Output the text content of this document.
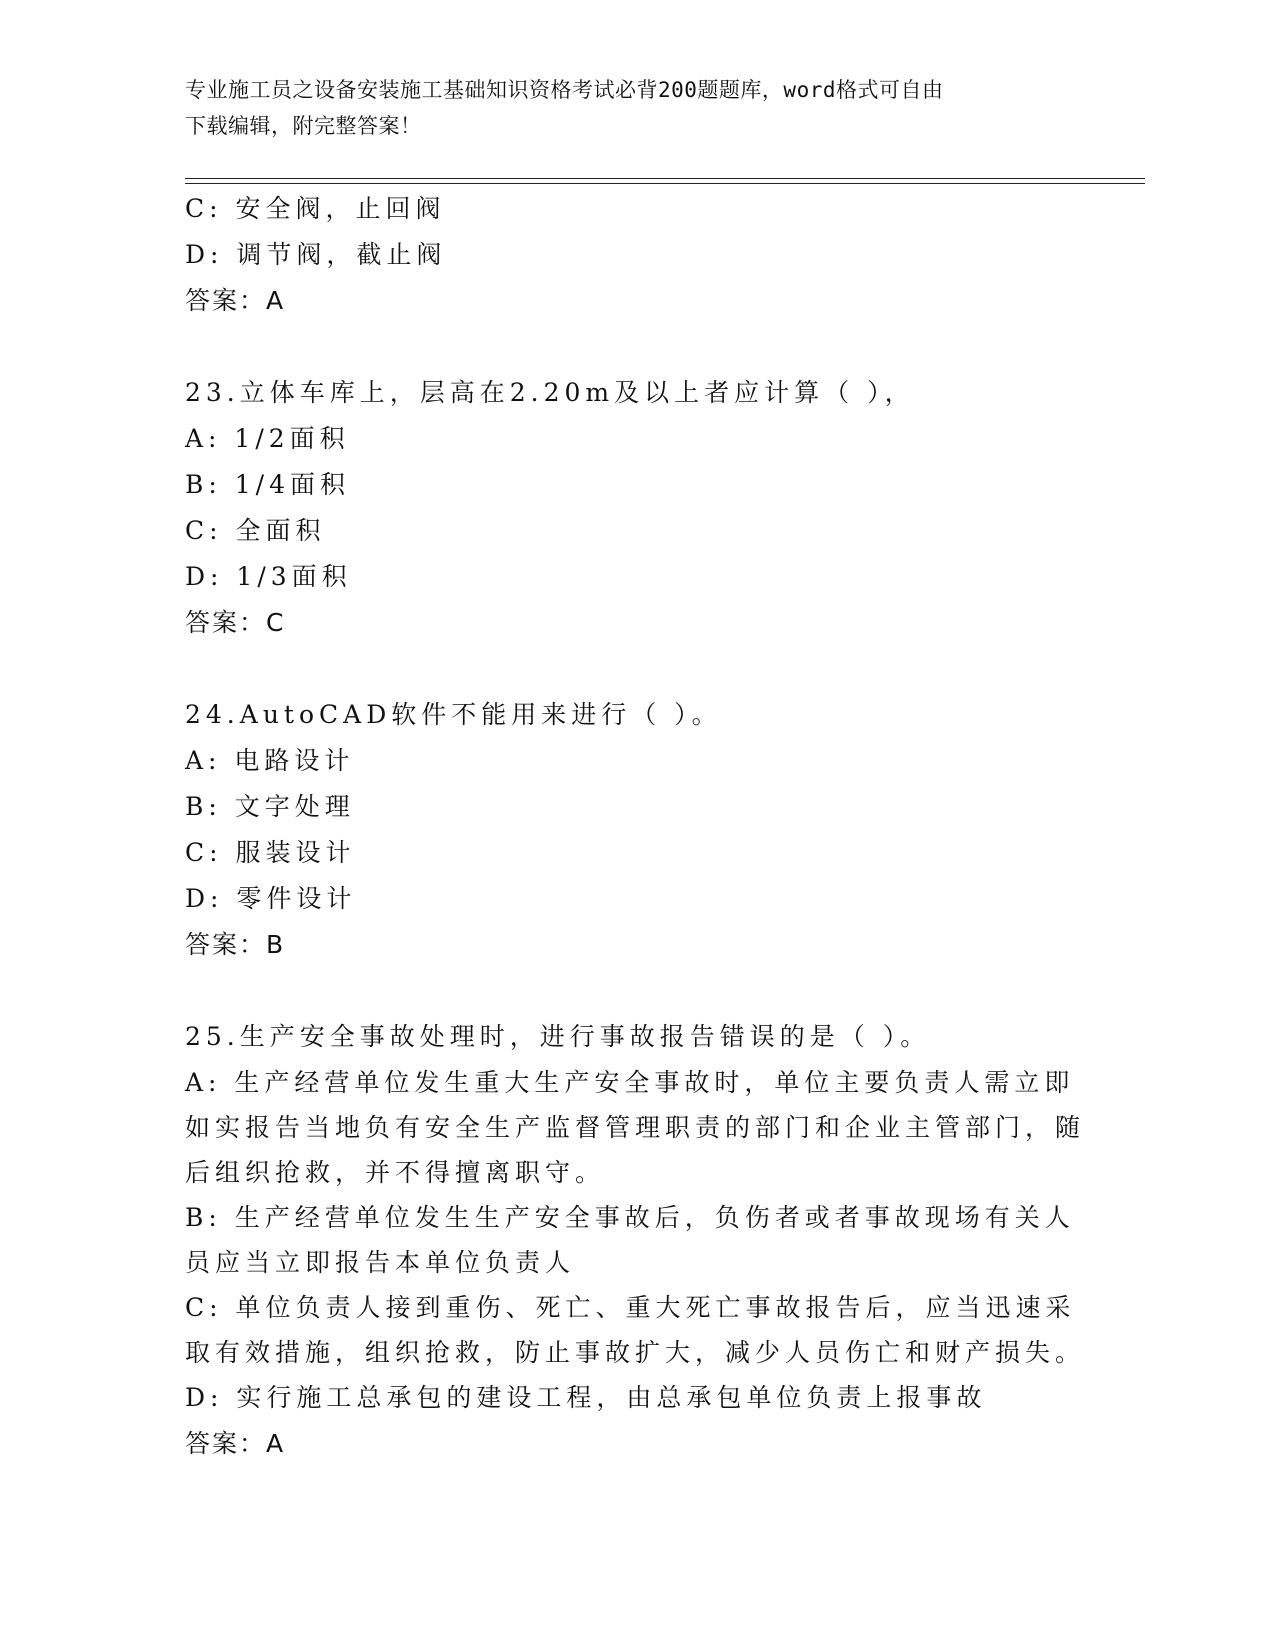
专业施工员之设备安装施工基础知识资格考试必背200题题库，word格式可自由
下载编辑，附完整答案！
C: 安全阀，止回阀
D: 调节阀，截止阀
答案：A
23.立体车库上，层高在2.20m及以上者应计算（ ），
A: 1/2面积
B: 1/4面积
C: 全面积
D: 1/3面积
答案：C
24.AutoCAD软件不能用来进行（ ）。
A: 电路设计
B: 文字处理
C: 服装设计
D: 零件设计
答案：B
25.生产安全事故处理时，进行事故报告错误的是（ ）。
A: 生产经营单位发生重大生产安全事故时，单位主要负责人需立即如实报告当地负有安全生产监督管理职责的部门和企业主管部门，随后组织抢救，并不得擅离职守。
B: 生产经营单位发生生产安全事故后，负伤者或者事故现场有关人员应当立即报告本单位负责人
C: 单位负责人接到重伤、死亡、重大死亡事故报告后，应当迅速采取有效措施，组织抢救，防止事故扩大，减少人员伤亡和财产损失。
D: 实行施工总承包的建设工程，由总承包单位负责上报事故
答案：A
